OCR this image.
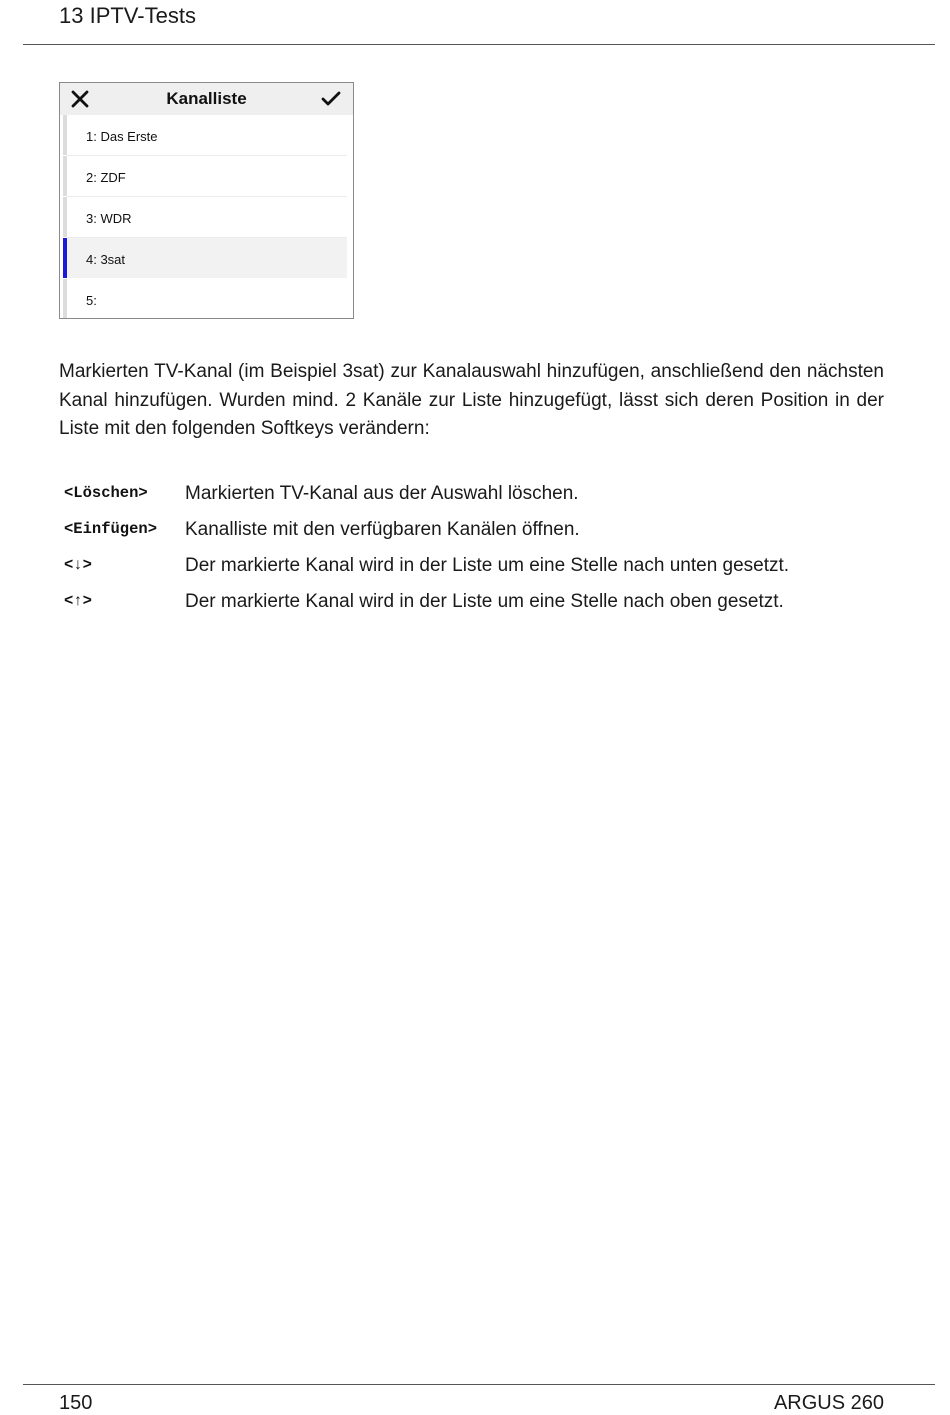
13 IPTV-Tests
Kanalliste
1: Das Erste
2: ZDF
3: WDR
4: 3sat
5:

Markierten TV-Kanal (im Beispiel 3sat) zur Kanalauswahl hinzufügen, anschließend den nächsten Kanal hinzufügen. Wurden mind. 2 Kanäle zur Liste hinzugefügt, lässt sich deren Position in der Liste mit den folgenden Softkeys verändern:

<Löschen> Markierten TV-Kanal aus der Auswahl löschen.
<Einfügen> Kanalliste mit den verfügbaren Kanälen öffnen.
<↓>	Der markierte Kanal wird in der Liste um eine Stelle nach unten gesetzt.
<↑>	Der markierte Kanal wird in der Liste um eine Stelle nach oben gesetzt.
150	ARGUS 260
